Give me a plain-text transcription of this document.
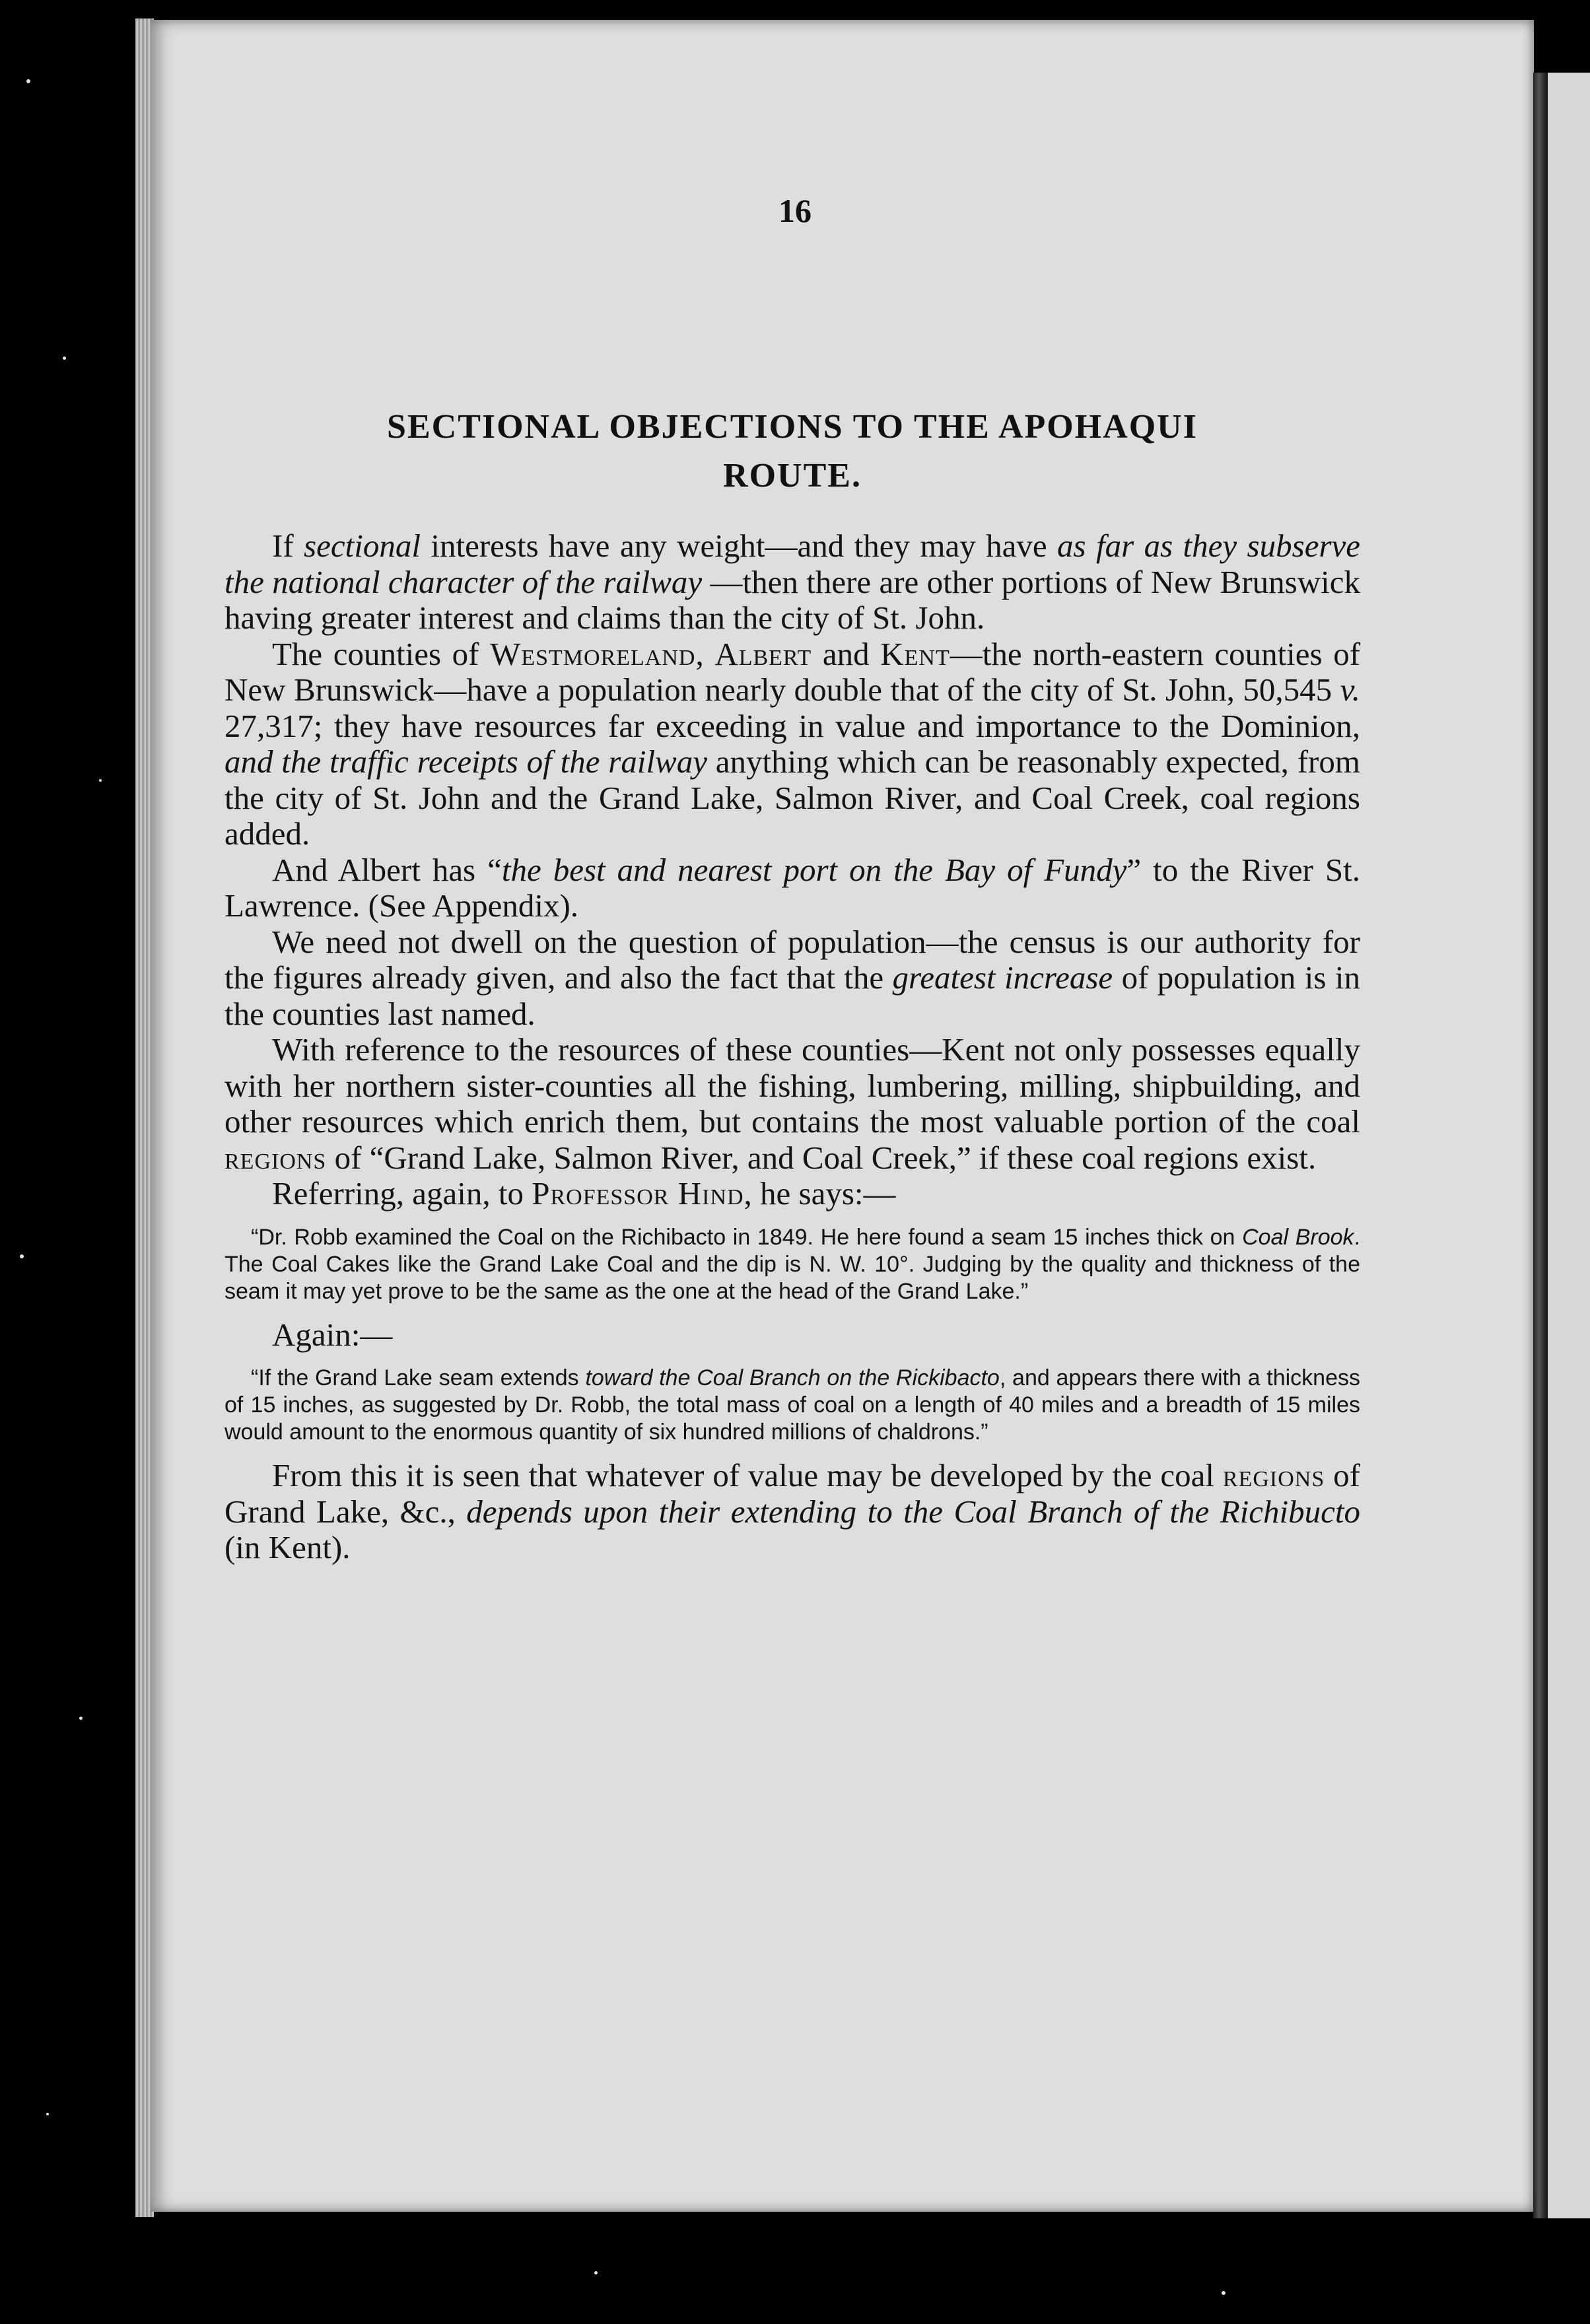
16
SECTIONAL OBJECTIONS TO THE APOHAQUI
ROUTE.

If sectional interests have any weight—and they may have as far as they subserve the national character of the railway —then there are other portions of New Brunswick having greater interest and claims than the city of St. John.

The counties of Westmoreland, Albert and Kent—the north-eastern counties of New Brunswick—have a population nearly double that of the city of St. John, 50,545 v. 27,317; they have resources far exceeding in value and importance to the Dominion, and the traffic receipts of the railway anything which can be reasonably expected, from the city of St. John and the Grand Lake, Salmon River, and Coal Creek, coal regions added.

And Albert has “the best and nearest port on the Bay of Fundy” to the River St. Lawrence. (See Appendix).

We need not dwell on the question of population—the census is our authority for the figures already given, and also the fact that the greatest increase of population is in the counties last named.

With reference to the resources of these counties—Kent not only possesses equally with her northern sister-counties all the fishing, lumbering, milling, shipbuilding, and other resources which enrich them, but contains the most valuable portion of the coal regions of “Grand Lake, Salmon River, and Coal Creek,” if these coal regions exist.

Referring, again, to Professor Hind, he says:—

“Dr. Robb examined the Coal on the Richibacto in 1849. He here found a seam 15 inches thick on Coal Brook. The Coal Cakes like the Grand Lake Coal and the dip is N. W. 10°. Judging by the quality and thickness of the seam it may yet prove to be the same as the one at the head of the Grand Lake.”

Again:—

“If the Grand Lake seam extends toward the Coal Branch on the Rickibacto, and appears there with a thickness of 15 inches, as suggested by Dr. Robb, the total mass of coal on a length of 40 miles and a breadth of 15 miles would amount to the enormous quantity of six hundred millions of chaldrons.”

From this it is seen that whatever of value may be developed by the coal regions of Grand Lake, &c., depends upon their extending to the Coal Branch of the Richibucto (in Kent).
